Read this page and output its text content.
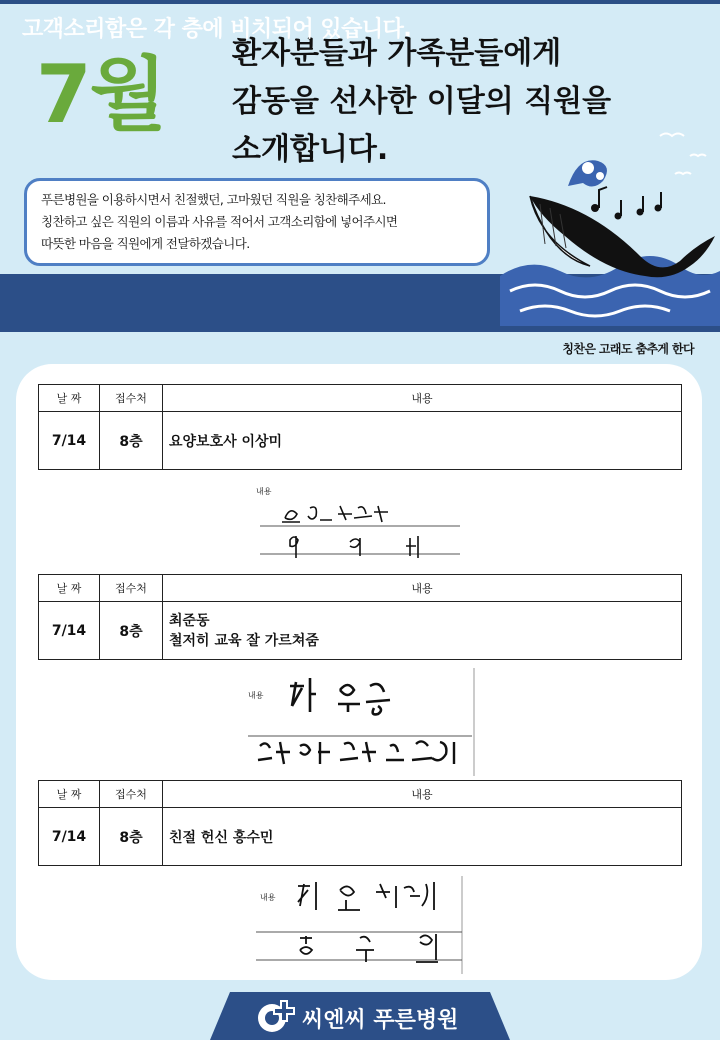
7월 환자분들과 가족분들에게
감동을 선사한 이달의 직원을
소개합니다.
푸른병원을 이용하시면서 친절했던, 고마웠던 직원을 칭찬해주세요.
칭찬하고 싶은 직원의 이름과 사유를 적어서 고객소리함에 넣어주시면
따뜻한 마음을 직원에게 전달하겠습니다.
고객소리함은 각 층에 비치되어 있습니다.
칭찬은 고래도 춤추게 한다
날 짜	접수처	내용
7/14	8층	요양보호사 이상미
내용
날 짜	접수처	내용
7/14	8층	최준동
철저히 교육 잘 가르쳐줌
내용
날 짜	접수처	내용
7/14	8층	친절 헌신 홍수민
내용
씨엔씨 푸른병원
